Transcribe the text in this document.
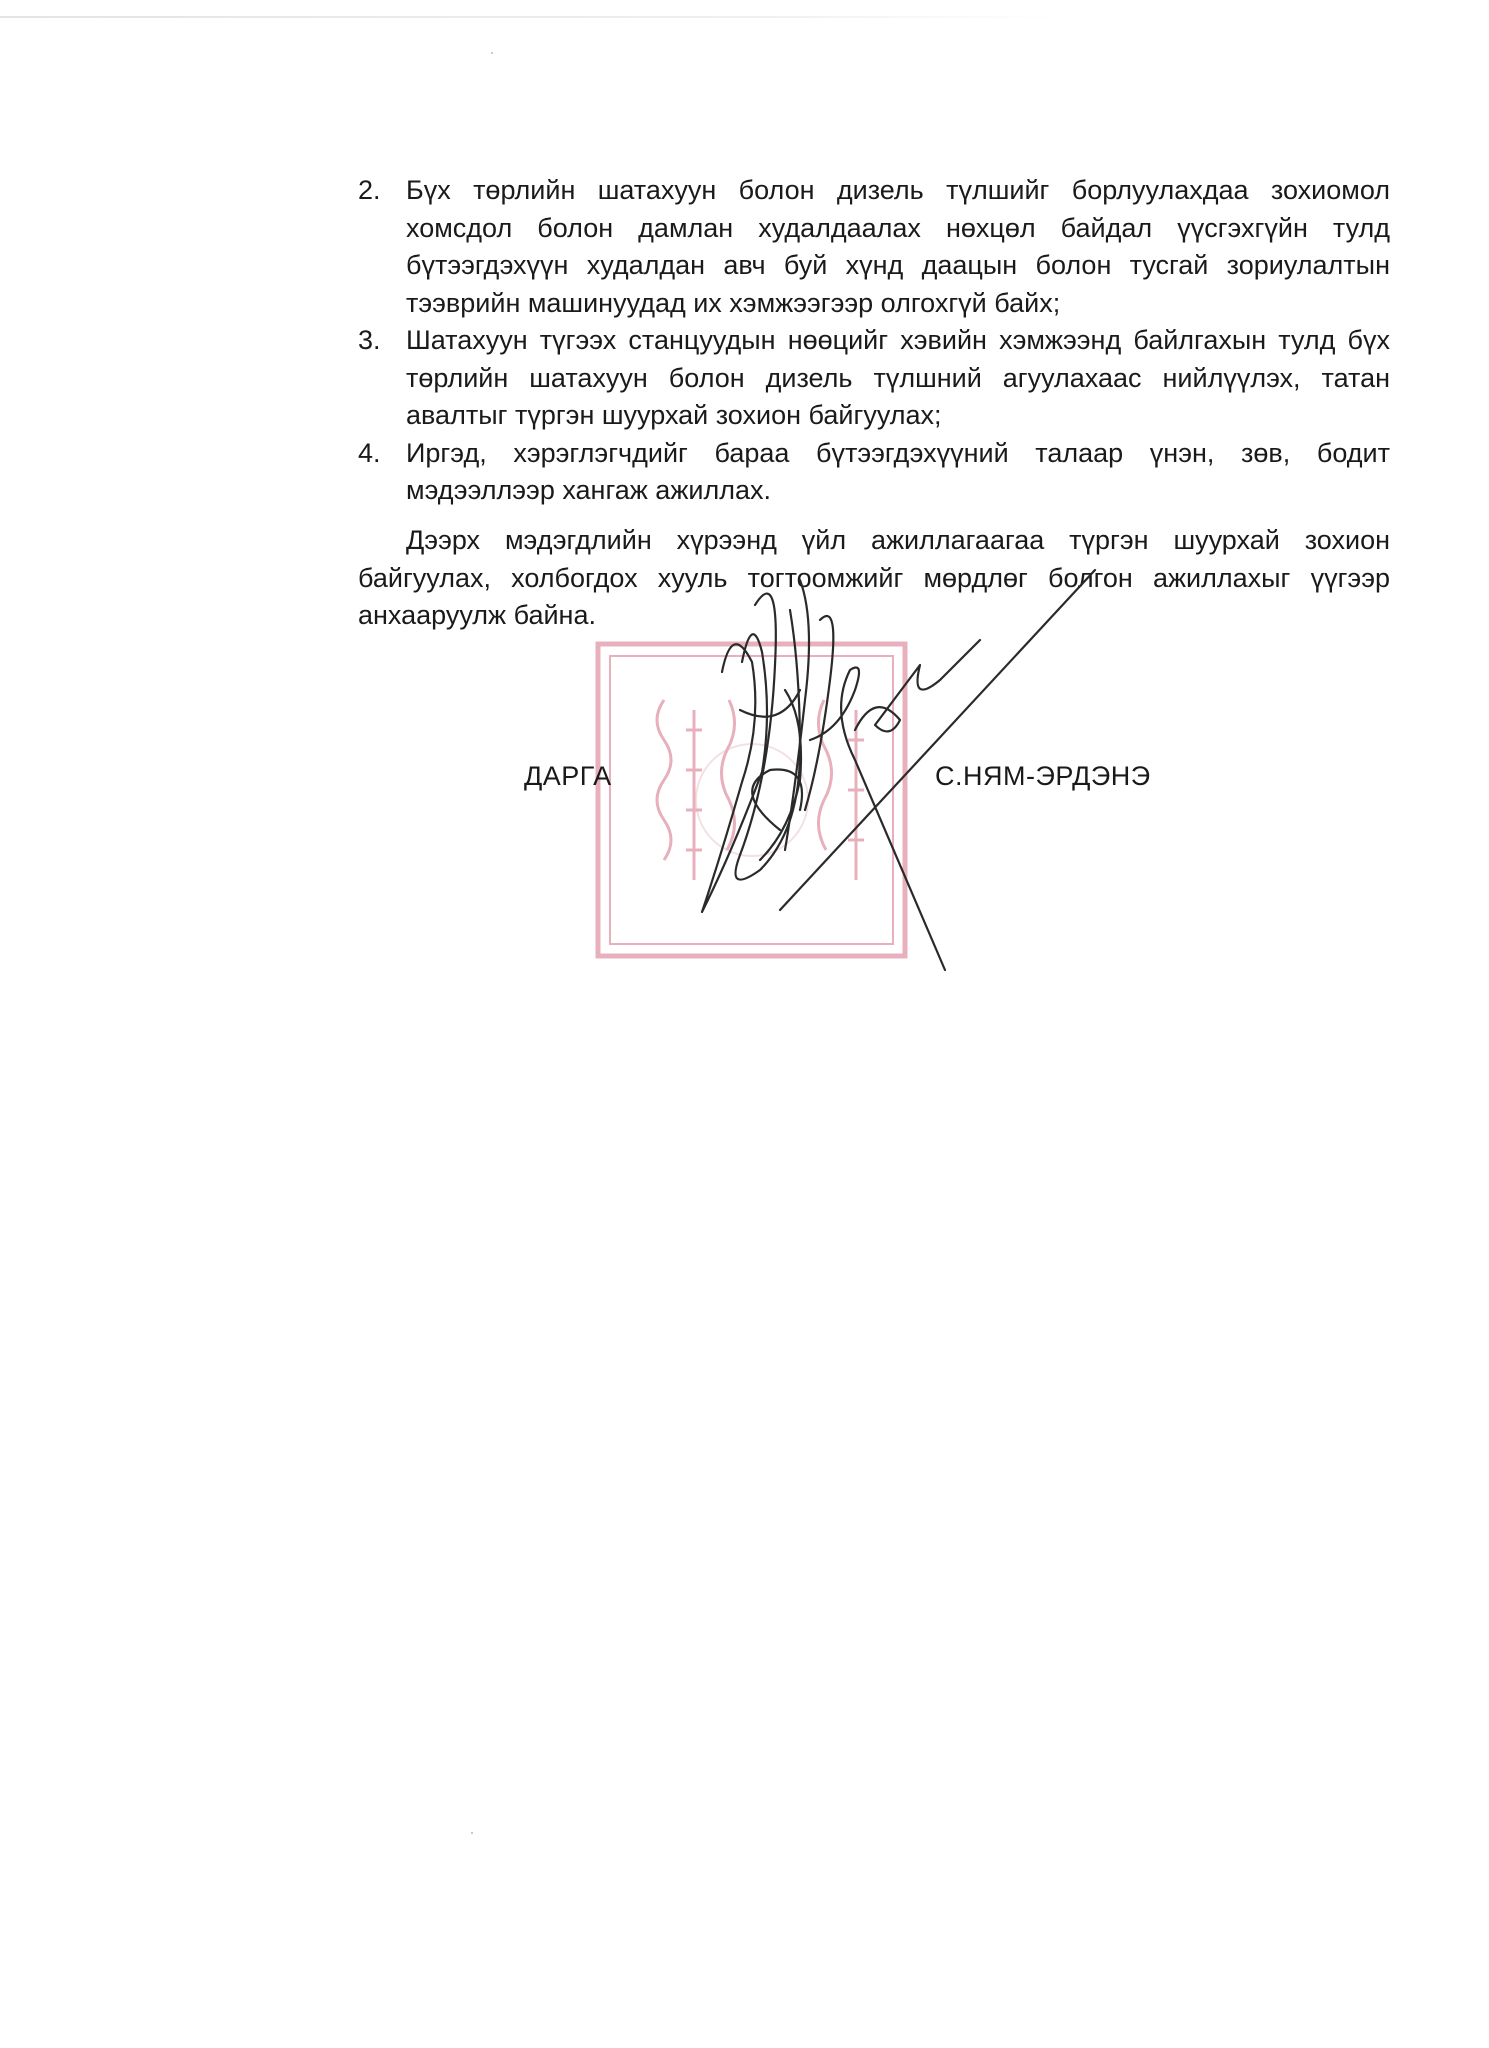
2. Бүх төрлийн шатахуун болон дизель түлшийг борлуулахдаа зохиомол хомсдол болон дамлан худалдаалах нөхцөл байдал үүсгэхгүйн тулд бүтээгдэхүүн худалдан авч буй хүнд даацын болон тусгай зориулалтын тээврийн машинуудад их хэмжээгээр олгохгүй байх;
3. Шатахуун түгээх станцуудын нөөцийг хэвийн хэмжээнд байлгахын тулд бүх төрлийн шатахуун болон дизель түлшний агуулахаас нийлүүлэх, татан авалтыг түргэн шуурхай зохион байгуулах;
4. Иргэд, хэрэглэгчдийг бараа бүтээгдэхүүний талаар үнэн, зөв, бодит мэдээллээр хангаж ажиллах.

Дээрх мэдэгдлийн хүрээнд үйл ажиллагаагаа түргэн шуурхай зохион байгуулах, холбогдох хууль тогтоомжийг мөрдлөг болгон ажиллахыг үүгээр анхааруулж байна.

ДАРГА	С.НЯМ-ЭРДЭНЭ
